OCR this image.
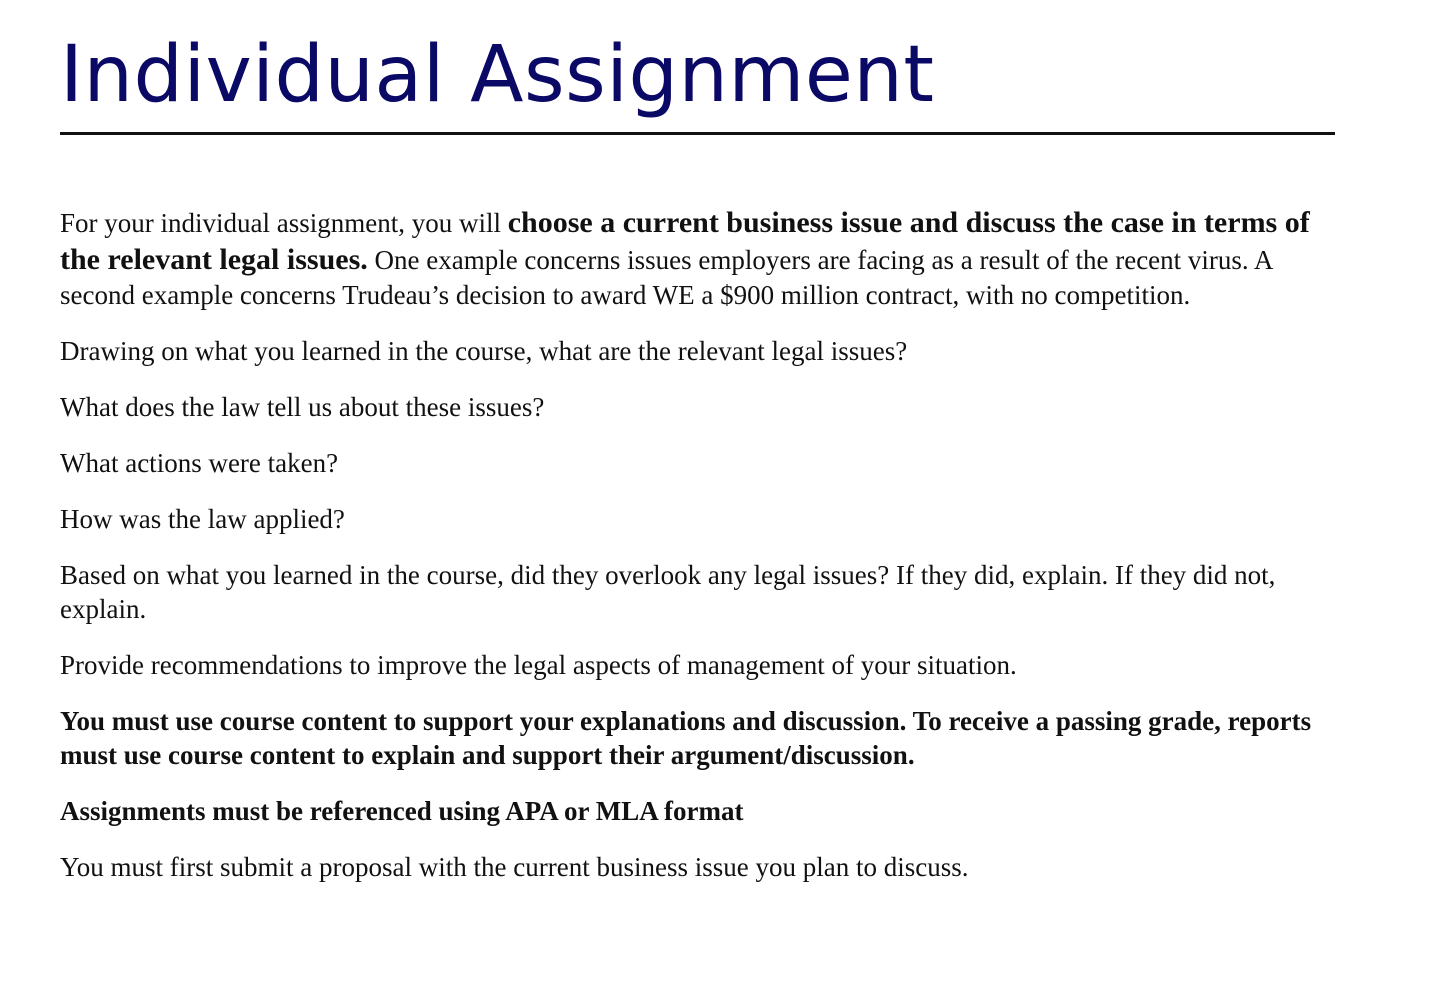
Individual Assignment

For your individual assignment, you will choose a current business issue and discuss the case in terms of the relevant legal issues. One example concerns issues employers are facing as a result of the recent virus. A second example concerns Trudeau’s decision to award WE a $900 million contract, with no competition.

Drawing on what you learned in the course, what are the relevant legal issues?

What does the law tell us about these issues?

What actions were taken?

How was the law applied?

Based on what you learned in the course, did they overlook any legal issues? If they did, explain. If they did not, explain.

Provide recommendations to improve the legal aspects of management of your situation.

You must use course content to support your explanations and discussion. To receive a passing grade, reports must use course content to explain and support their argument/discussion.

Assignments must be referenced using APA or MLA format

You must first submit a proposal with the current business issue you plan to discuss.
